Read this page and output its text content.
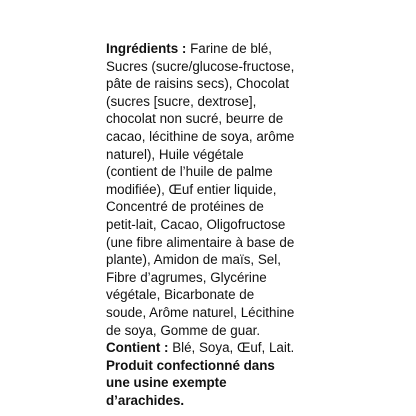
Ingrédients : Farine de blé,
Sucres (sucre/glucose-fructose,
pâte de raisins secs), Chocolat
(sucres [sucre, dextrose],
chocolat non sucré, beurre de
cacao, lécithine de soya, arôme
naturel), Huile végétale
(contient de l’huile de palme
modifiée), Œuf entier liquide,
Concentré de protéines de
petit-lait, Cacao, Oligofructose
(une fibre alimentaire à base de
plante), Amidon de maïs, Sel,
Fibre d’agrumes, Glycérine
végétale, Bicarbonate de
soude, Arôme naturel, Lécithine
de soya, Gomme de guar.
Contient : Blé, Soya, Œuf, Lait.
Produit confectionné dans
une usine exempte
d’arachides.
